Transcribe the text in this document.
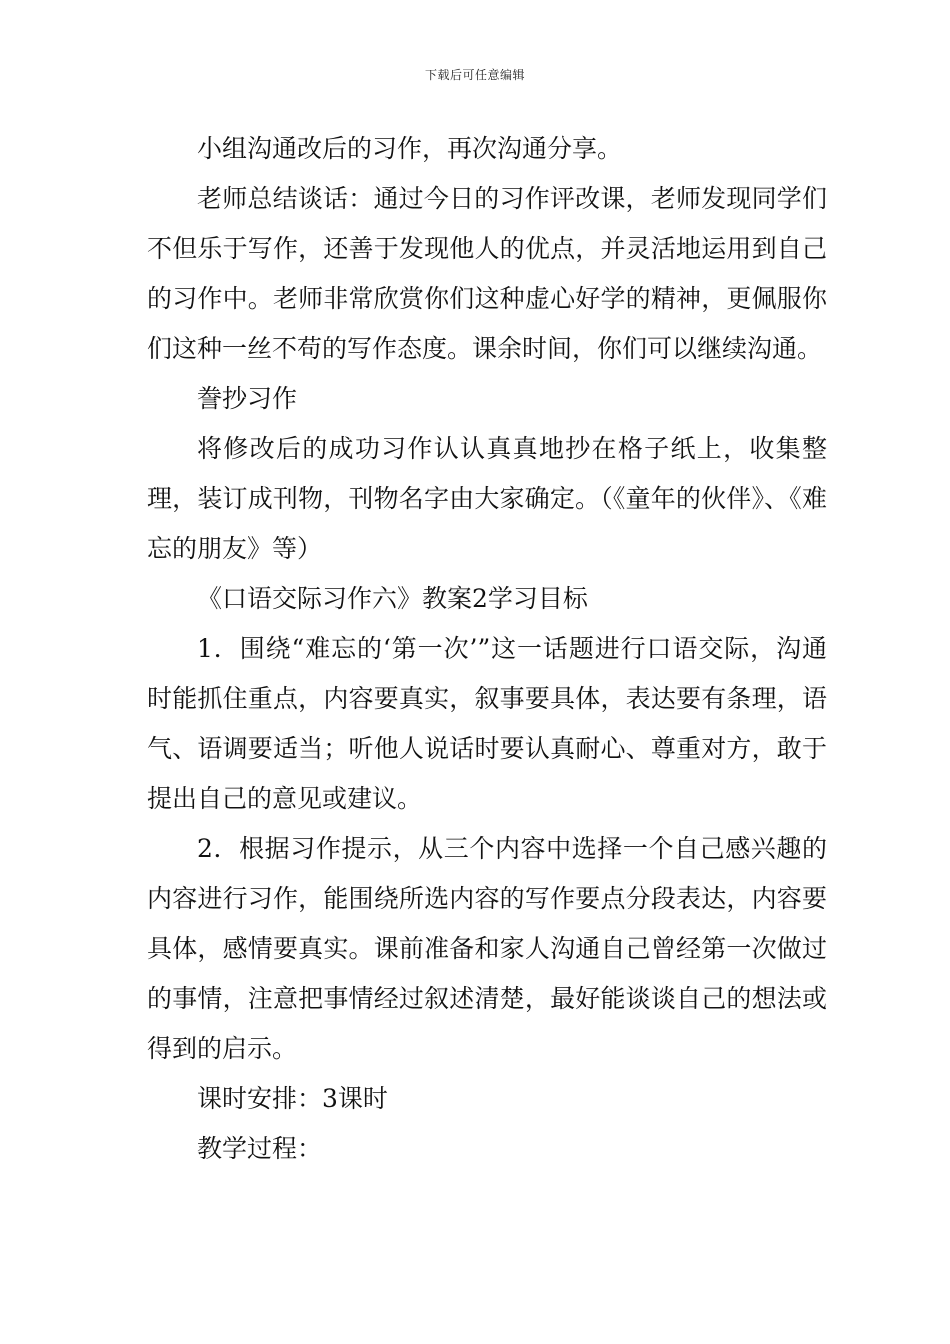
下载后可任意编辑

小组沟通改后的习作，再次沟通分享。

老师总结谈话：通过今日的习作评改课，老师发现同学们不但乐于写作，还善于发现他人的优点，并灵活地运用到自己的习作中。老师非常欣赏你们这种虚心好学的精神，更佩服你们这种一丝不苟的写作态度。课余时间，你们可以继续沟通。

誊抄习作

将修改后的成功习作认认真真地抄在格子纸上，收集整理，装订成刊物，刊物名字由大家确定。（《童年的伙伴》、《难忘的朋友》等）

《口语交际习作六》教案2学习目标

1．围绕“难忘的‘第一次’”这一话题进行口语交际，沟通时能抓住重点，内容要真实，叙事要具体，表达要有条理，语气、语调要适当；听他人说话时要认真耐心、尊重对方，敢于提出自己的意见或建议。

2．根据习作提示，从三个内容中选择一个自己感兴趣的内容进行习作，能围绕所选内容的写作要点分段表达，内容要具体，感情要真实。课前准备和家人沟通自己曾经第一次做过的事情，注意把事情经过叙述清楚，最好能谈谈自己的想法或得到的启示。

课时安排：3课时

教学过程：
